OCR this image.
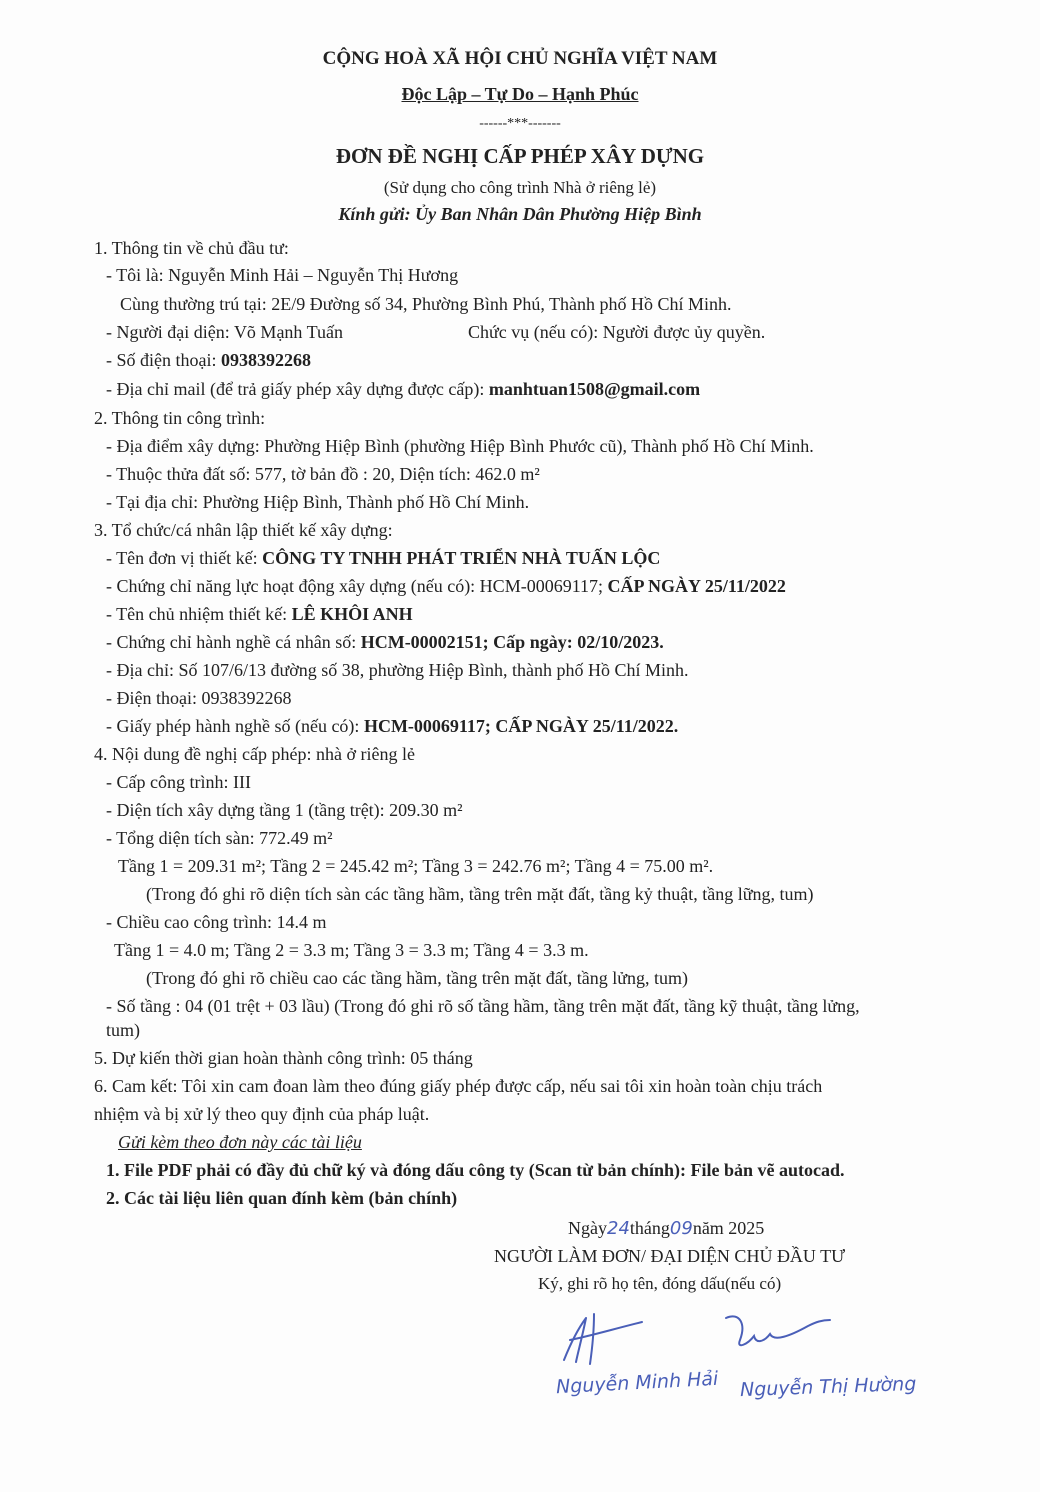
CỘNG HOÀ XÃ HỘI CHỦ NGHĨA VIỆT NAM
Độc Lập – Tự Do – Hạnh Phúc
------***-------
ĐƠN ĐỀ NGHỊ CẤP PHÉP XÂY DỰNG
(Sử dụng cho công trình Nhà ở riêng lẻ)
Kính gửi: Ủy Ban Nhân Dân Phường Hiệp Bình
1. Thông tin về chủ đầu tư:
- Tôi là: Nguyễn Minh Hải – Nguyễn Thị Hương
Cùng thường trú tại: 2E/9 Đường số 34, Phường Bình Phú, Thành phố Hồ Chí Minh.
- Người đại diện: Võ Mạnh Tuấn	Chức vụ (nếu có): Người được ủy quyền.
- Số điện thoại: 0938392268
- Địa chỉ mail (để trả giấy phép xây dựng được cấp): manhtuan1508@gmail.com
2. Thông tin công trình:
- Địa điểm xây dựng: Phường Hiệp Bình (phường Hiệp Bình Phước cũ), Thành phố Hồ Chí Minh.
- Thuộc thửa đất số: 577, tờ bản đồ : 20, Diện tích: 462.0 m²
- Tại địa chỉ: Phường Hiệp Bình, Thành phố Hồ Chí Minh.
3. Tổ chức/cá nhân lập thiết kế xây dựng:
- Tên đơn vị thiết kế: CÔNG TY TNHH PHÁT TRIỂN NHÀ TUẤN LỘC
- Chứng chỉ năng lực hoạt động xây dựng (nếu có): HCM-00069117; CẤP NGÀY 25/11/2022
- Tên chủ nhiệm thiết kế: LÊ KHÔI ANH
- Chứng chỉ hành nghề cá nhân số: HCM-00002151; Cấp ngày: 02/10/2023.
- Địa chỉ: Số 107/6/13 đường số 38, phường Hiệp Bình, thành phố Hồ Chí Minh.
- Điện thoại: 0938392268
- Giấy phép hành nghề số (nếu có): HCM-00069117; CẤP NGÀY 25/11/2022.
4. Nội dung đề nghị cấp phép: nhà ở riêng lẻ
- Cấp công trình: III
- Diện tích xây dựng tầng 1 (tầng trệt): 209.30 m²
- Tổng diện tích sàn: 772.49 m²
Tầng 1 = 209.31 m²; Tầng 2 = 245.42 m²; Tầng 3 = 242.76 m²; Tầng 4 = 75.00 m².
(Trong đó ghi rõ diện tích sàn các tầng hầm, tầng trên mặt đất, tầng kỷ thuật, tầng lững, tum)
- Chiều cao công trình: 14.4 m
Tầng 1 = 4.0 m; Tầng 2 = 3.3 m; Tầng 3 = 3.3 m; Tầng 4 = 3.3 m.
(Trong đó ghi rõ chiều cao các tầng hầm, tầng trên mặt đất, tầng lửng, tum)
- Số tầng : 04 (01 trệt + 03 lầu) (Trong đó ghi rõ số tầng hầm, tầng trên mặt đất, tầng kỹ thuật, tầng lửng,
tum)
5. Dự kiến thời gian hoàn thành công trình: 05 tháng
6. Cam kết: Tôi xin cam đoan làm theo đúng giấy phép được cấp, nếu sai tôi xin hoàn toàn chịu trách
nhiệm và bị xử lý theo quy định của pháp luật.
Gửi kèm theo đơn này các tài liệu
1. File PDF phải có đầy đủ chữ ký và đóng dấu công ty (Scan từ bản chính): File bản vẽ autocad.
2. Các tài liệu liên quan đính kèm (bản chính)
Ngày24tháng09năm 2025
NGƯỜI LÀM ĐƠN/ ĐẠI DIỆN CHỦ ĐẦU TƯ
Ký, ghi rõ họ tên, đóng dấu(nếu có)
Nguyễn Minh Hải Nguyễn Thị Hường
